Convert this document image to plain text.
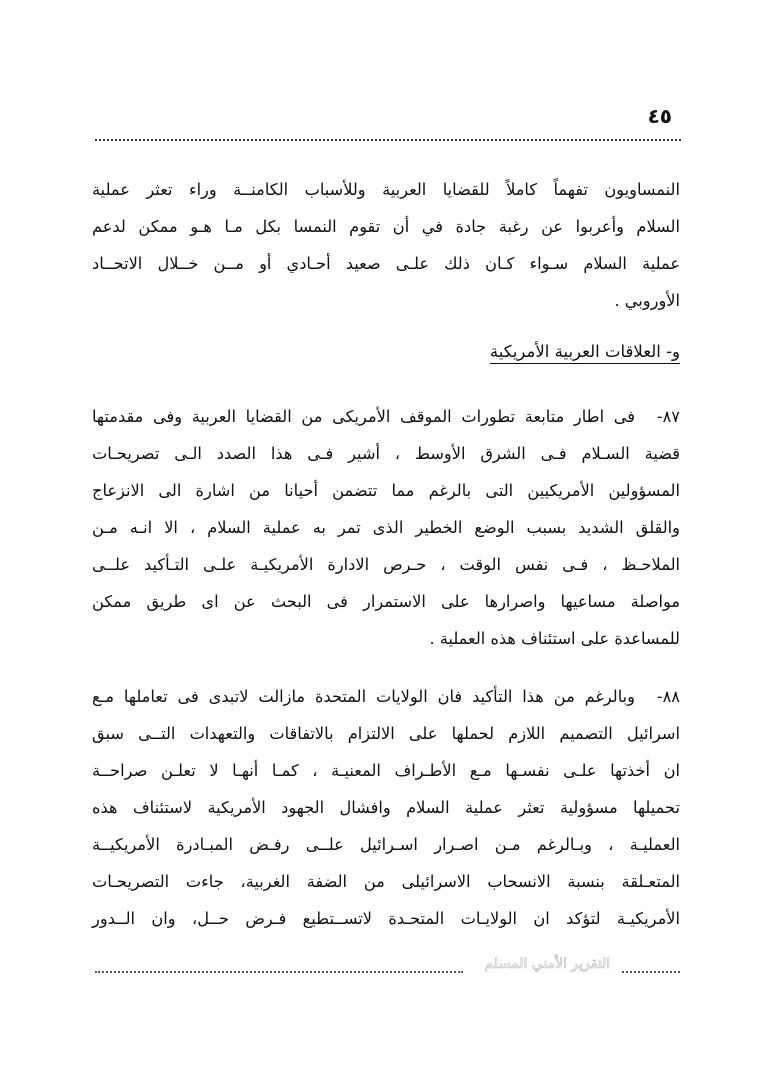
٤٥
النمساويون تفهماً كاملاً للقضايا العربية وللأسباب الكامنــة وراء تعثر عملية
السلام وأعربوا عن رغبة جادة في أن تقوم النمسا بكل مـا هـو ممكن لدعم
عملية السلام سـواء كـان ذلك علـى صعيد أحـادي أو مــن خــلال الاتحــاد
الأوروبي .
و- العلاقات العربية الأمريكية
٨٧-
فى اطار متابعة تطورات الموقف الأمريكى من القضايا العربية وفى مقدمتها
قضية السـلام فـى الشرق الأوسط ، أشير فـى هذا الصدد الـى تصريحـات
المسؤولين الأمريكيين التى بالرغم مما تتضمن أحيانا من اشارة الى الانزعاج
والقلق الشديد بسبب الوضع الخطير الذى تمر به عملية السلام ، الا انـه مـن
الملاحـظ ، فـى نفس الوقت ، حـرص الادارة الأمريكيـة علـى التـأكيد علــى
مواصلة مساعيها واصرارها على الاستمرار فى البحث عن اى طريق ممكن
للمساعدة على استئناف هذه العملية .
٨٨-
وبالرغم من هذا التأكيد فان الولايات المتحدة مازالت لاتبدى فى تعاملها مـع
اسرائيل التصميم اللازم لحملها على الالتزام بالاتفاقات والتعهدات التــى سبق
ان أخذتها علـى نفسـها مـع الأطـراف المعنيـة ، كمـا أنهـا لا تعلـن صراحــة
تحميلها مسؤولية تعثر عملية السلام وافشال الجهود الأمريكية لاستئناف هذه
العمليـة ، وبـالرغم مـن اصـرار اسـرائيل علــى رفـض المبـادرة الأمريكيــة
المتعـلقة بنسبة الانسحاب الاسرائيلى من الضفة الغربية، جاءت التصريحـات
الأمريكيـة لتؤكد ان الولايـات المتحـدة لاتســتطيع فـرض حــل، وان الــدور
التقرير الأمني المسلم
